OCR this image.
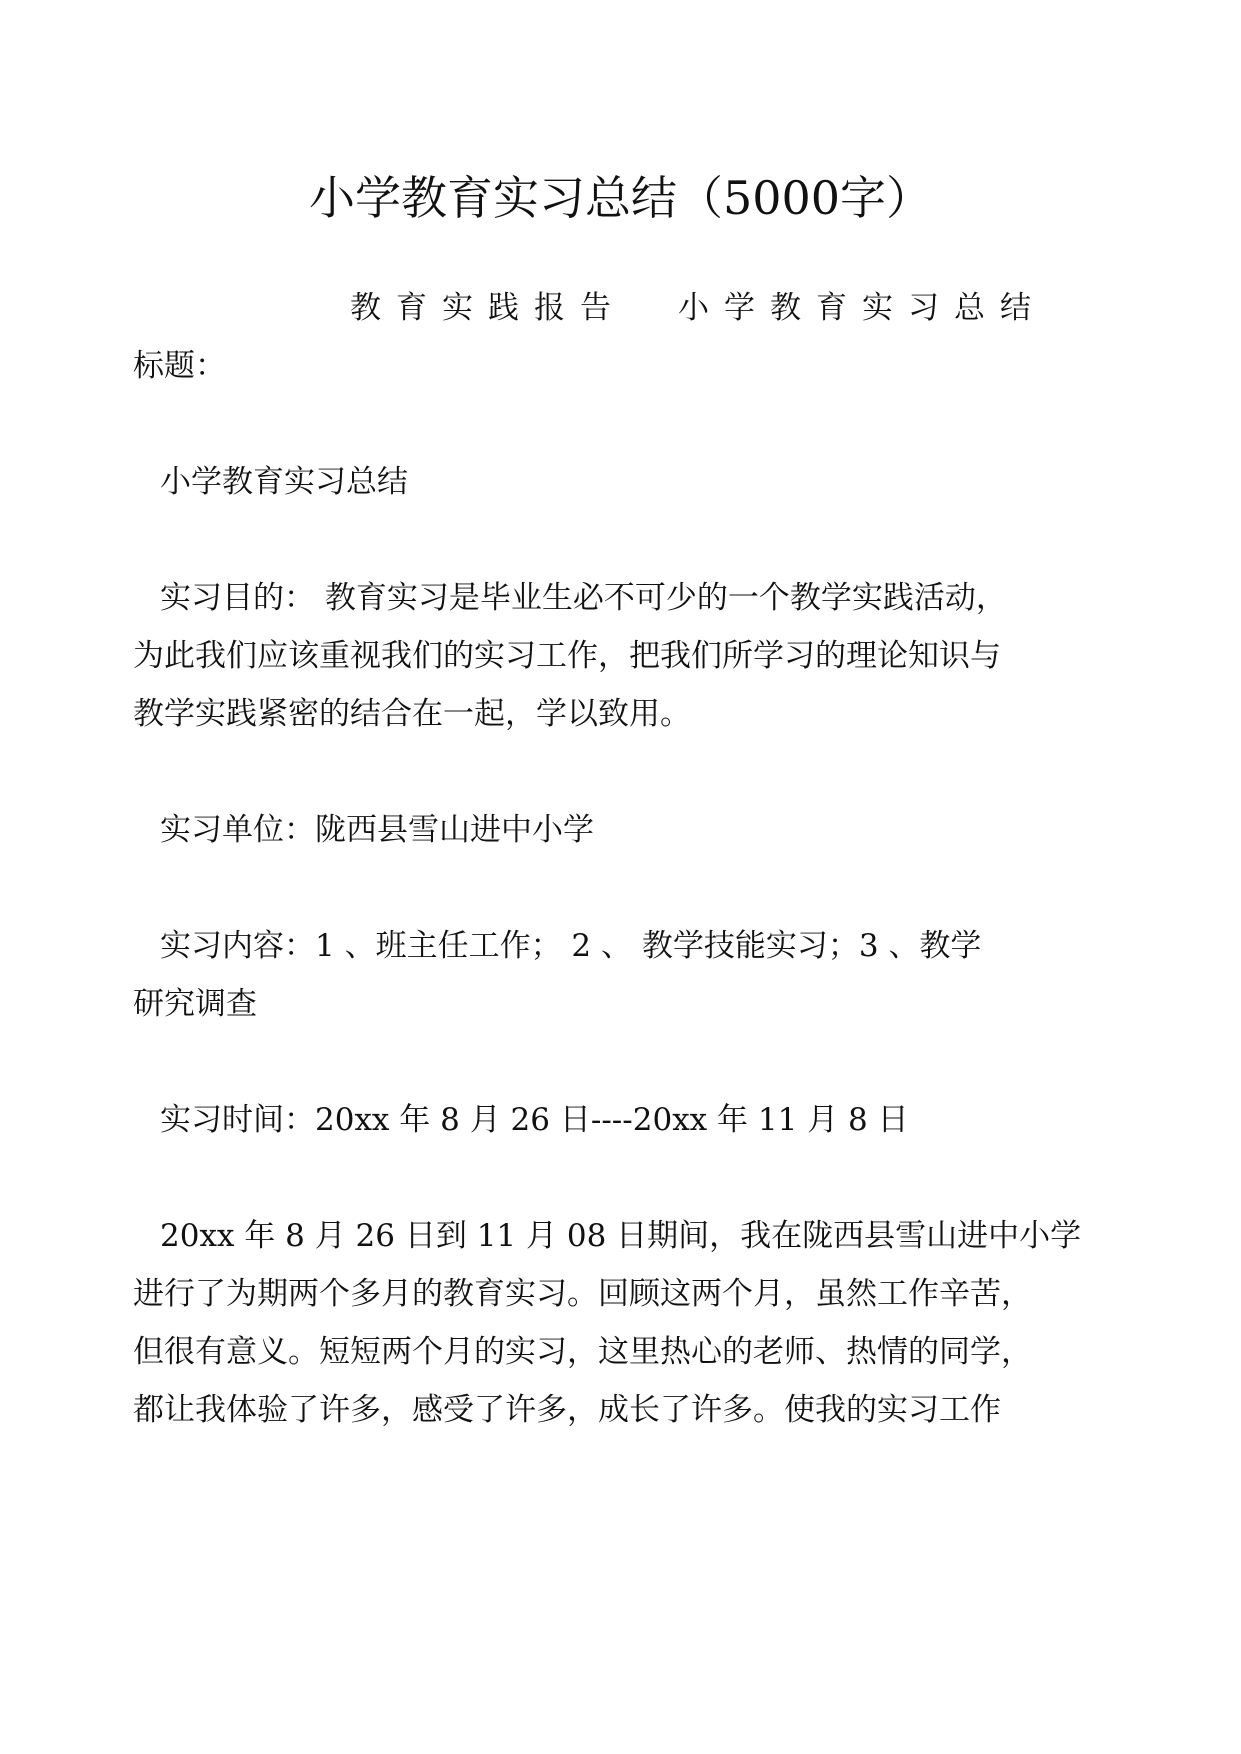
小学教育实习总结（5000字）
教育实践报告 小学教育实习总结
标题：
小学教育实习总结
实习目的： 教育实习是毕业生必不可少的一个教学实践活动，
为此我们应该重视我们的实习工作，把我们所学习的理论知识与
教学实践紧密的结合在一起，学以致用。
实习单位：陇西县雪山进中小学
实习内容：1 、班主任工作； 2 、 教学技能实习；3 、教学
研究调查
实习时间：20xx 年 8 月 26 日----20xx 年 11 月 8 日
20xx 年 8 月 26 日到 11 月 08 日期间，我在陇西县雪山进中小学
进行了为期两个多月的教育实习。回顾这两个月，虽然工作辛苦，
但很有意义。短短两个月的实习，这里热心的老师、热情的同学，
都让我体验了许多，感受了许多，成长了许多。使我的实习工作
